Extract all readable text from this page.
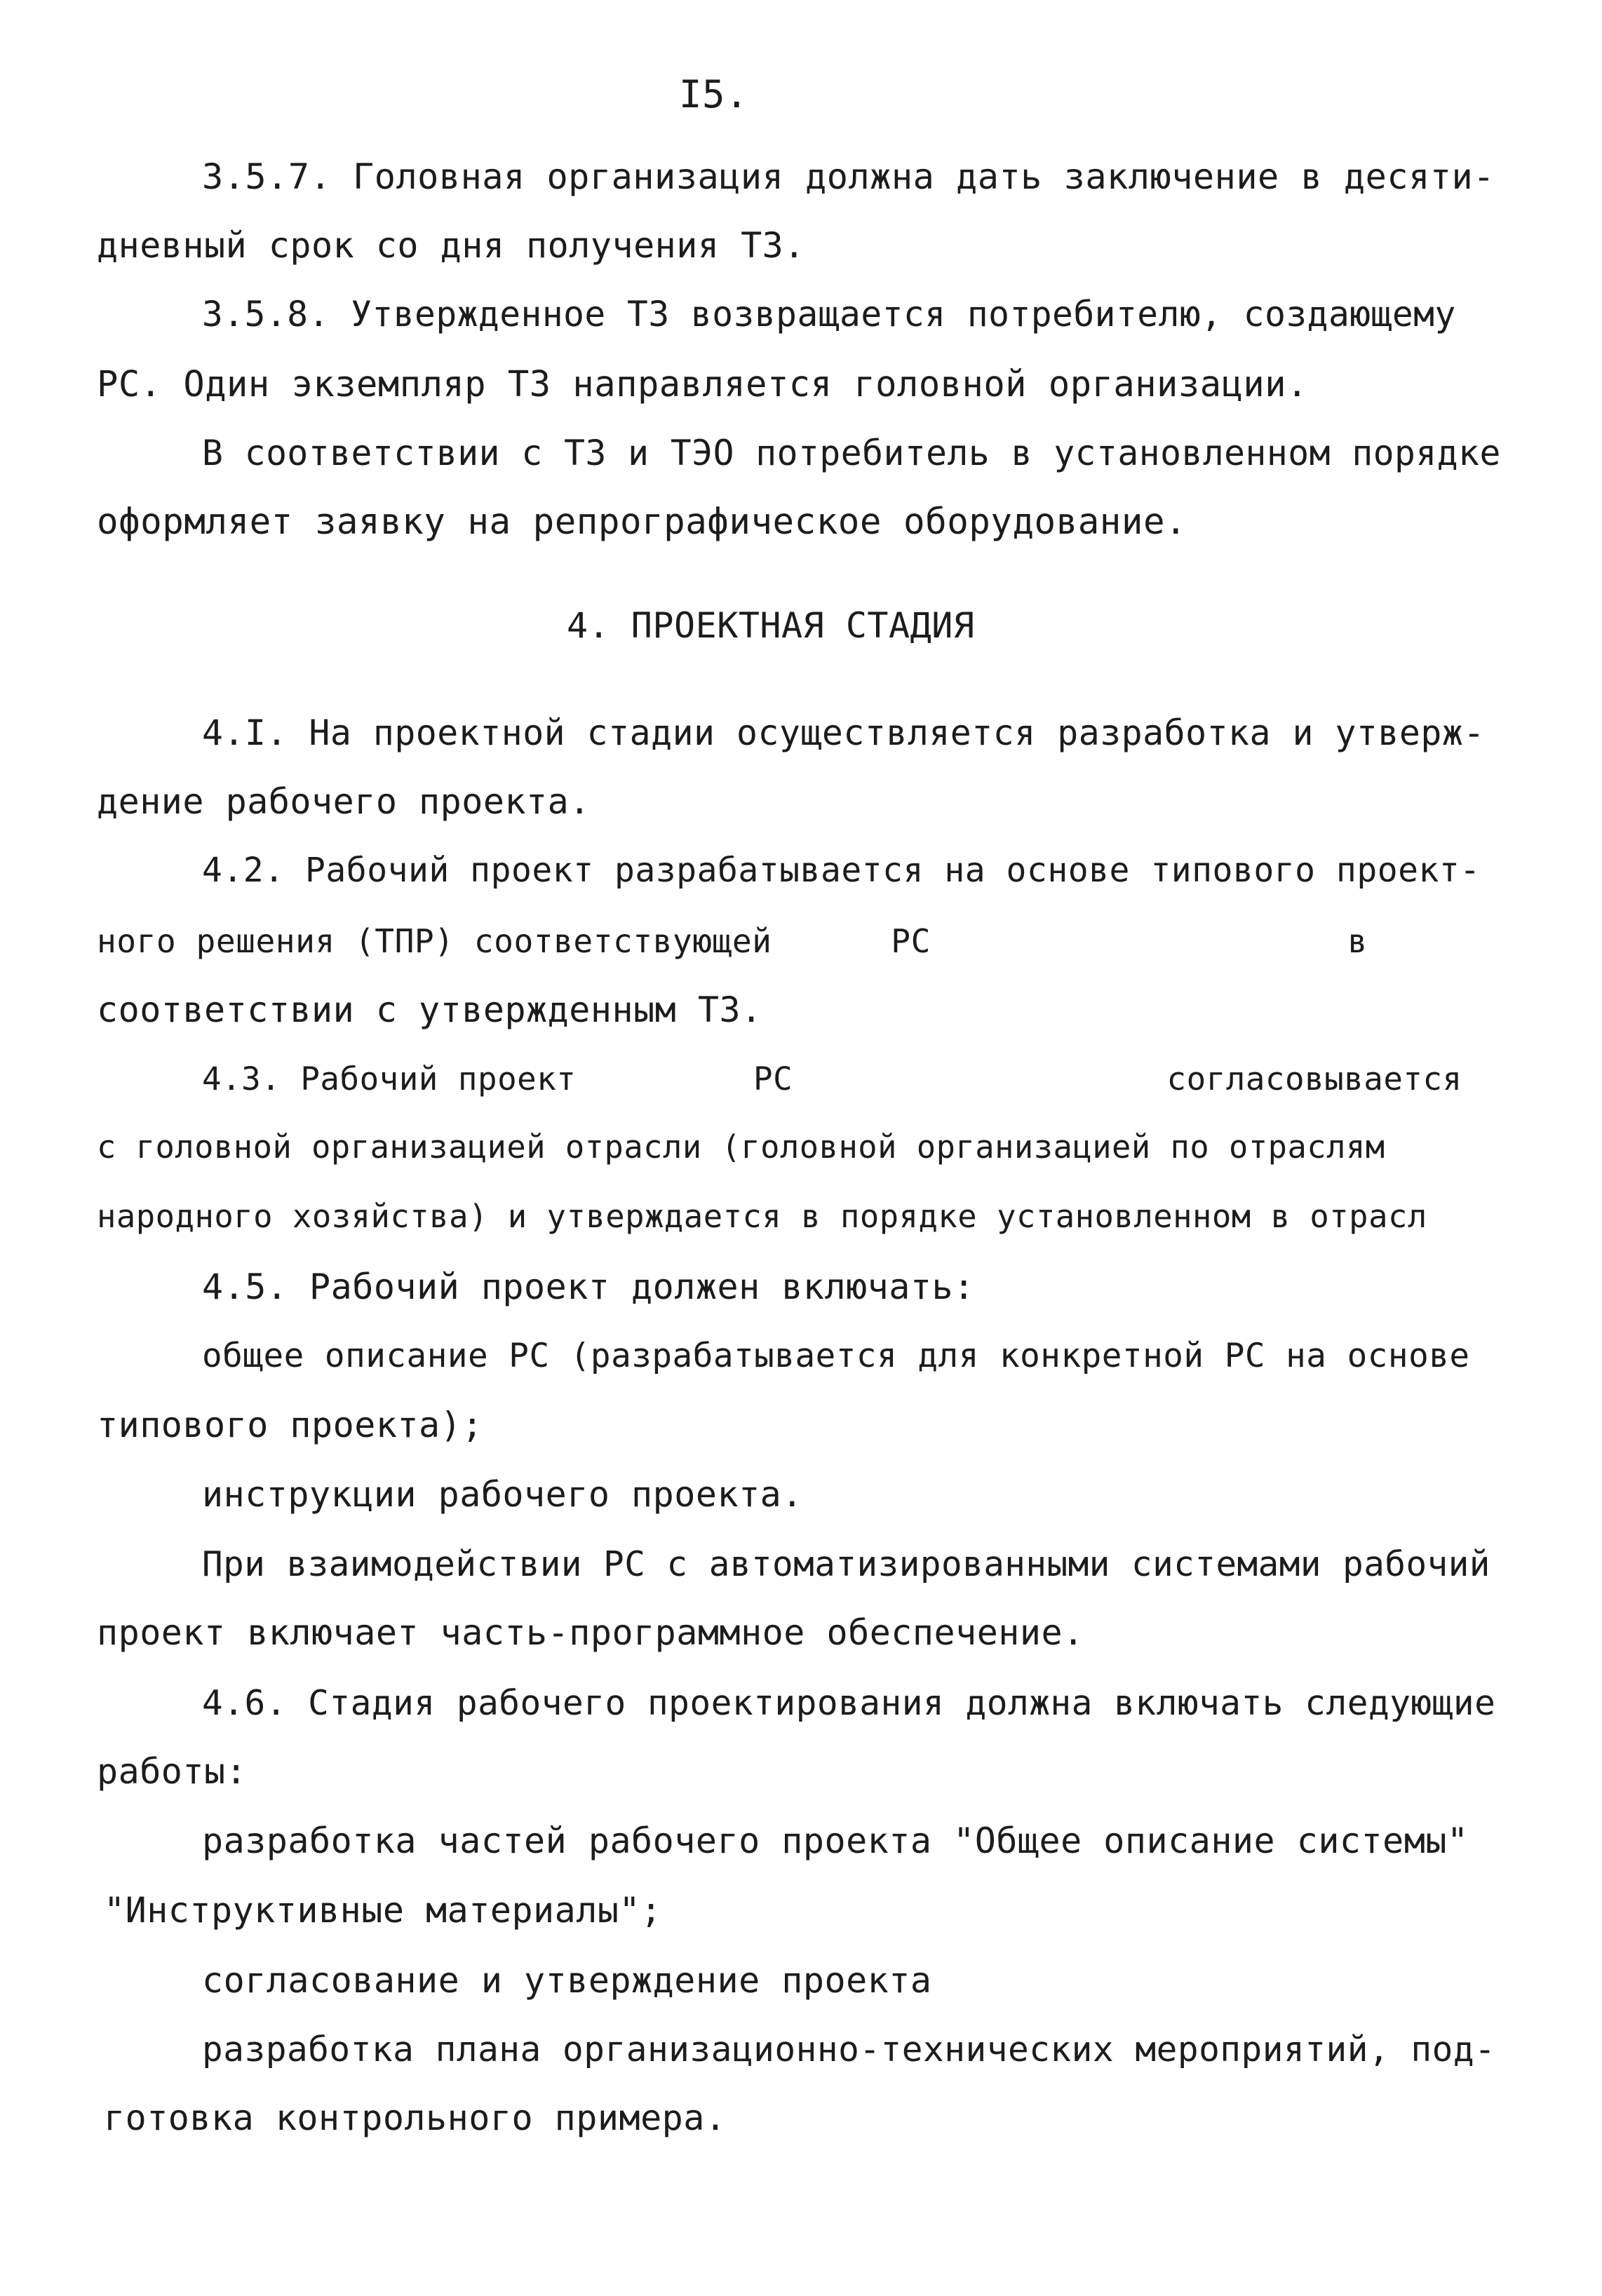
I5.
3.5.7. Головная организация должна дать заключение в десяти-
дневный срок со дня получения ТЗ.
3.5.8. Утвержденное ТЗ возвращается потребителю, создающему
РС. Один экземпляр ТЗ направляется головной организации.
В соответствии с ТЗ и ТЭО потребитель в установленном порядке
оформляет заявку на репрографическое оборудование.
4. ПРОЕКТНАЯ СТАДИЯ
4.I. На проектной стадии осуществляется разработка и утверж-
дение рабочего проекта.
4.2. Рабочий проект разрабатывается на основе типового проект-
ного решения (ТПР) соответствующей      РС                     в
соответствии с утвержденным ТЗ.
4.3. Рабочий проект         РС                   согласовывается
с головной организацией отрасли (головной организацией по отраслям
народного хозяйства) и утверждается в порядке установленном в отрасл
4.5. Рабочий проект должен включать:
общее описание РС (разрабатывается для конкретной РС на основе
типового проекта);
инструкции рабочего проекта.
При взаимодействии РС с автоматизированными системами рабочий
проект включает часть-программное обеспечение.
4.6. Стадия рабочего проектирования должна включать следующие
работы:
разработка частей рабочего проекта "Общее описание системы"
"Инструктивные материалы";
согласование и утверждение проекта
разработка плана организационно-технических мероприятий, под-
готовка контрольного примера.
